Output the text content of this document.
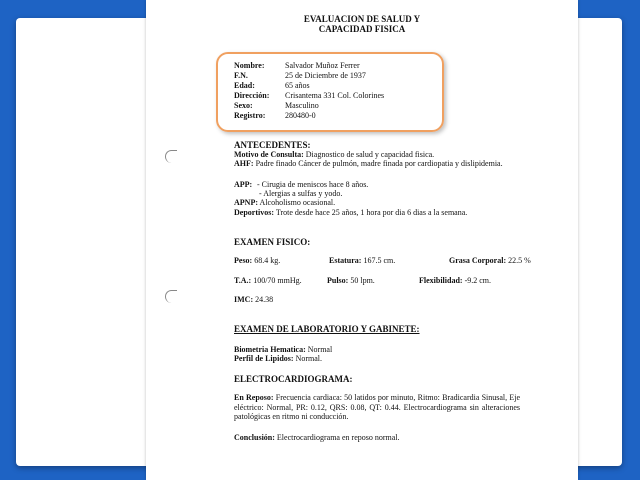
EVALUACION DE SALUD Y
CAPACIDAD FISICA
Nombre:	Salvador Muñoz Ferrer
F.N.	25 de Diciembre de 1937
Edad:	65 años
Dirección: Crisantema 331 Col. Colorines
Sexo:	Masculino
Registro: 280480-0
ANTECEDENTES:
Motivo de Consulta: Diagnostico de salud y capacidad fisica.
AHF: Padre finado Cáncer de pulmón, madre finada por cardiopatia y dislipidemia.
APP: - Cirugia de meniscos hace 8 años.
- Alergias a sulfas y yodo.
APNP: Alcoholismo ocasional.
Deportivos: Trote desde hace 25 años, 1 hora por dia 6 dias a la semana.
EXAMEN FISICO:
Peso: 68.4 kg.	Estatura: 167.5 cm.	Grasa Corporal: 22.5 %
T.A.: 100/70 mmHg.	Pulso: 50 lpm.	Flexibilidad: -9.2 cm.
IMC: 24.38
EXAMEN DE LABORATORIO Y GABINETE:
Biometria Hematica: Normal
Perfil de Lipidos: Normal.
ELECTROCARDIOGRAMA:
En Reposo: Frecuencia cardiaca: 50 latidos por minuto, Ritmo: Bradicardia Sinusal, Eje eléctrico: Normal, PR: 0.12, QRS: 0.08, QT: 0.44. Electrocardiograma sin alteraciones patológicas en ritmo ni conducción.
Conclusión: Electrocardiograma en reposo normal.
